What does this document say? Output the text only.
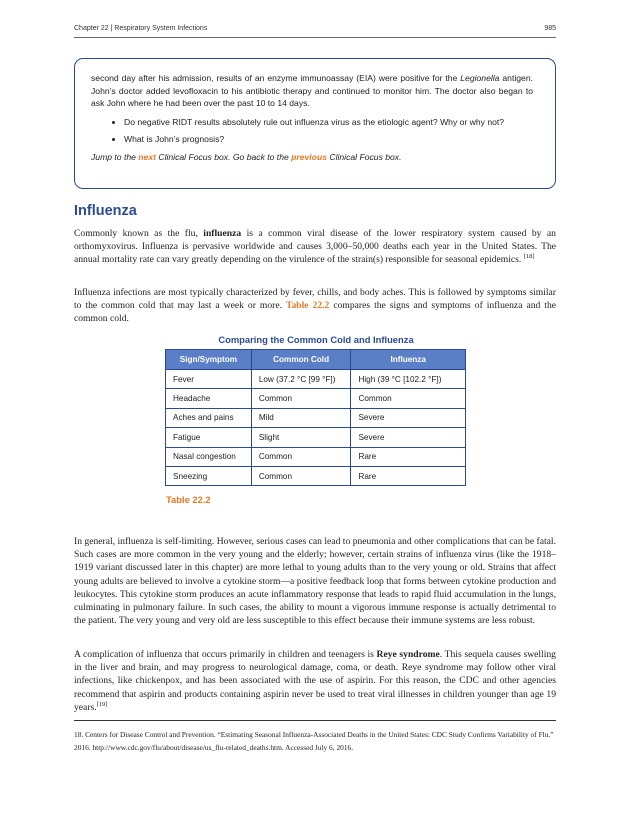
Chapter 22 | Respiratory System Infections	985

second day after his admission, results of an enzyme immunoassay (EIA) were positive for the Legionella antigen. John’s doctor added levofloxacin to his antibiotic therapy and continued to monitor him. The doctor also began to ask John where he had been over the past 10 to 14 days.

• Do negative RIDT results absolutely rule out influenza virus as the etiologic agent? Why or why not?
• What is John’s prognosis?

Jump to the next Clinical Focus box. Go back to the previous Clinical Focus box.

Influenza

Commonly known as the flu, influenza is a common viral disease of the lower respiratory system caused by an orthomyxovirus. Influenza is pervasive worldwide and causes 3,000–50,000 deaths each year in the United States. The annual mortality rate can vary greatly depending on the virulence of the strain(s) responsible for seasonal epidemics. [18]

Influenza infections are most typically characterized by fever, chills, and body aches. This is followed by symptoms similar to the common cold that may last a week or more. Table 22.2 compares the signs and symptoms of influenza and the common cold.

Comparing the Common Cold and Influenza
Sign/Symptom	Common Cold	Influenza
Fever	Low (37.2 °C [99 °F])	High (39 °C [102.2 °F])
Headache	Common	Common
Aches and pains	Mild	Severe
Fatigue	Slight	Severe
Nasal congestion	Common	Rare
Sneezing	Common	Rare
Table 22.2

In general, influenza is self-limiting. However, serious cases can lead to pneumonia and other complications that can be fatal. Such cases are more common in the very young and the elderly; however, certain strains of influenza virus (like the 1918–1919 variant discussed later in this chapter) are more lethal to young adults than to the very young or old. Strains that affect young adults are believed to involve a cytokine storm—a positive feedback loop that forms between cytokine production and leukocytes. This cytokine storm produces an acute inflammatory response that leads to rapid fluid accumulation in the lungs, culminating in pulmonary failure. In such cases, the ability to mount a vigorous immune response is actually detrimental to the patient. The very young and very old are less susceptible to this effect because their immune systems are less robust.

A complication of influenza that occurs primarily in children and teenagers is Reye syndrome. This sequela causes swelling in the liver and brain, and may progress to neurological damage, coma, or death. Reye syndrome may follow other viral infections, like chickenpox, and has been associated with the use of aspirin. For this reason, the CDC and other agencies recommend that aspirin and products containing aspirin never be used to treat viral illnesses in children younger than age 19 years.[19]

18. Centers for Disease Control and Prevention. “Estimating Seasonal Influenza-Associated Deaths in the United States: CDC Study Confirms Variability of Flu.” 2016. http://www.cdc.gov/flu/about/disease/us_flu-related_deaths.htm. Accessed July 6, 2016.
